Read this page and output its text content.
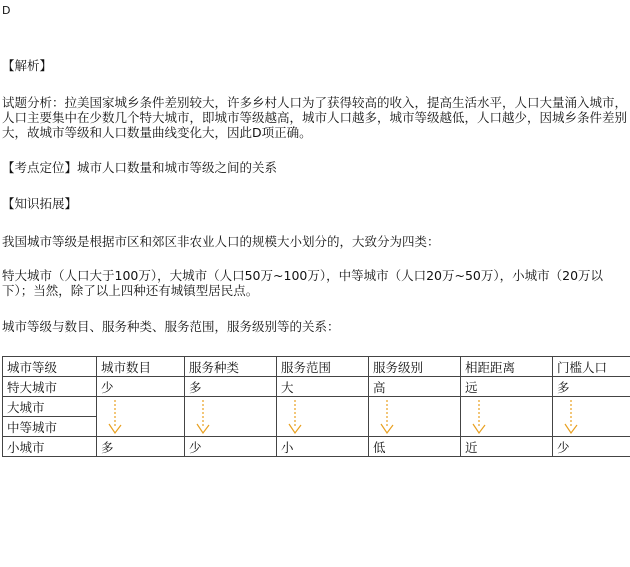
D
【解析】
试题分析：拉美国家城乡条件差别较大，许多乡村人口为了获得较高的收入，提高生活水平，人口大量涌入城市，人口主要集中在少数几个特大城市，即城市等级越高，城市人口越多，城市等级越低，人口越少，因城乡条件差别大，故城市等级和人口数量曲线变化大，因此D项正确。
【考点定位】城市人口数量和城市等级之间的关系
【知识拓展】
我国城市等级是根据市区和郊区非农业人口的规模大小划分的，大致分为四类：
特大城市（人口大于100万），大城市（人口50万~100万），中等城市（人口20万~50万），小城市（20万以下）；当然，除了以上四种还有城镇型居民点。
城市等级与数目、服务种类、服务范围，服务级别等的关系：
城市等级	城市数目	服务种类	服务范围	服务级别	相距距离	门槛人口
特大城市	少	多	大	高	远	多
大城市	

中等城市						
小城市	多	少	小	低	近	少
